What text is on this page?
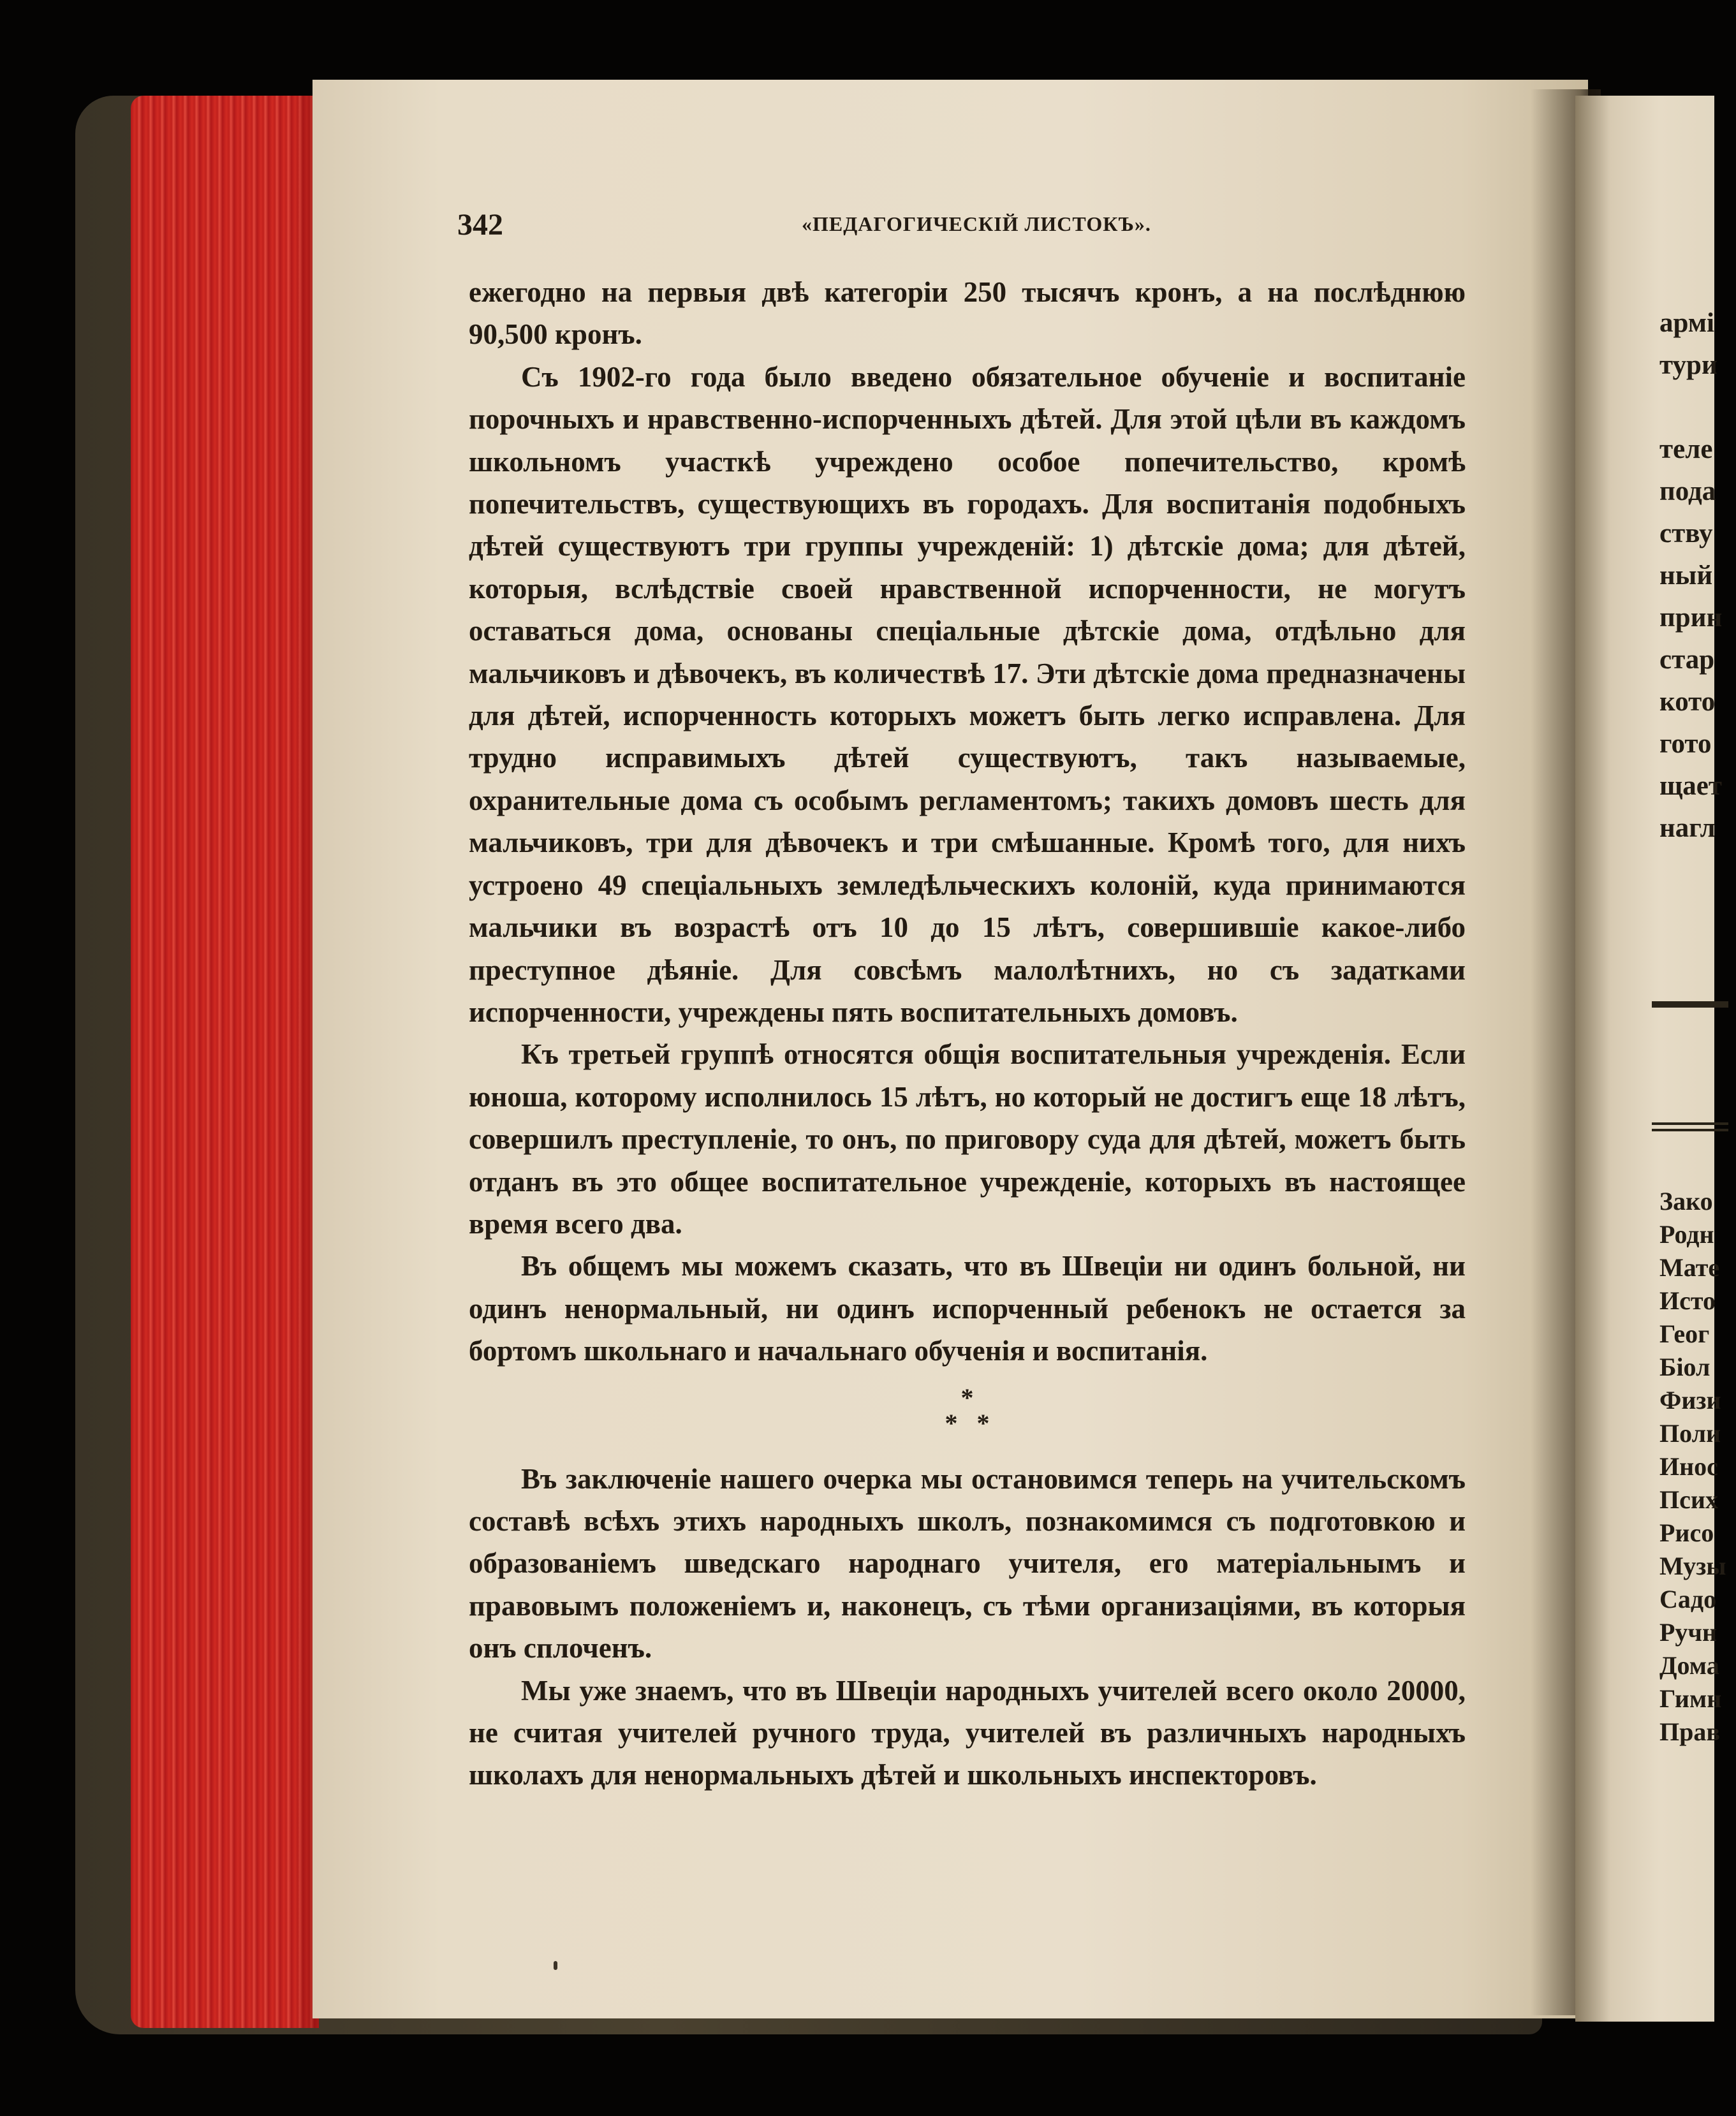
армі
тури
теле
пода
ству
ный
прин
стар
кото
гото
щает
нагл
Зако
Родн
Мате
Исто
Геог
Біол
Физи
Поли
Инос
Псих
Рисо
Музы
Садо
Ручн
Дома
Гимн
Прав
342	«ПЕДАГОГИЧЕСКІЙ ЛИСТОКЪ».

ежегодно на первыя двѣ категоріи 250 тысячъ кронъ, а на послѣднюю 90,500 кронъ.

Съ 1902-го года было введено обязательное обученіе и воспитаніе порочныхъ и нравственно-испорченныхъ дѣтей. Для этой цѣли въ каждомъ школьномъ участкѣ учреждено особое попечительство, кромѣ попечительствъ, существующихъ въ городахъ. Для воспитанія подобныхъ дѣтей существуютъ три группы учрежденій: 1) дѣтскіе дома; для дѣтей, которыя, вслѣдствіе своей нравственной испорченности, не могутъ оставаться дома, основаны спеціальные дѣтскіе дома, отдѣльно для мальчиковъ и дѣвочекъ, въ количествѣ 17. Эти дѣтскіе дома предназначены для дѣтей, испорченность которыхъ можетъ быть легко исправлена. Для трудно исправимыхъ дѣтей существуютъ, такъ называемые, охранительные дома съ особымъ регламентомъ; такихъ домовъ шесть для мальчиковъ, три для дѣвочекъ и три смѣшанные. Кромѣ того, для нихъ устроено 49 спеціальныхъ земледѣльческихъ колоній, куда принимаются мальчики въ возрастѣ отъ 10 до 15 лѣтъ, совершившіе какое-либо преступное дѣяніе. Для совсѣмъ малолѣтнихъ, но съ задатками испорченности, учреждены пять воспитательныхъ домовъ.

Къ третьей группѣ относятся общія воспитательныя учрежденія. Если юноша, которому исполнилось 15 лѣтъ, но который не достигъ еще 18 лѣтъ, совершилъ преступленіе, то онъ, по приговору суда для дѣтей, можетъ быть отданъ въ это общее воспитательное учрежденіе, которыхъ въ настоящее время всего два.

Въ общемъ мы можемъ сказать, что въ Швеціи ни одинъ больной, ни одинъ ненормальный, ни одинъ испорченный ребенокъ не остается за бортомъ школьнаго и начальнаго обученія и воспитанія.

*
* *

Въ заключеніе нашего очерка мы остановимся теперь на учительскомъ составѣ всѣхъ этихъ народныхъ школъ, познакомимся съ подготовкою и образованіемъ шведскаго народнаго учителя, его матеріальнымъ и правовымъ положеніемъ и, наконецъ, съ тѣми организаціями, въ которыя онъ сплоченъ.

Мы уже знаемъ, что въ Швеціи народныхъ учителей всего около 20000, не считая учителей ручного труда, учителей въ различныхъ народныхъ школахъ для ненормальныхъ дѣтей и школьныхъ инспекторовъ.
